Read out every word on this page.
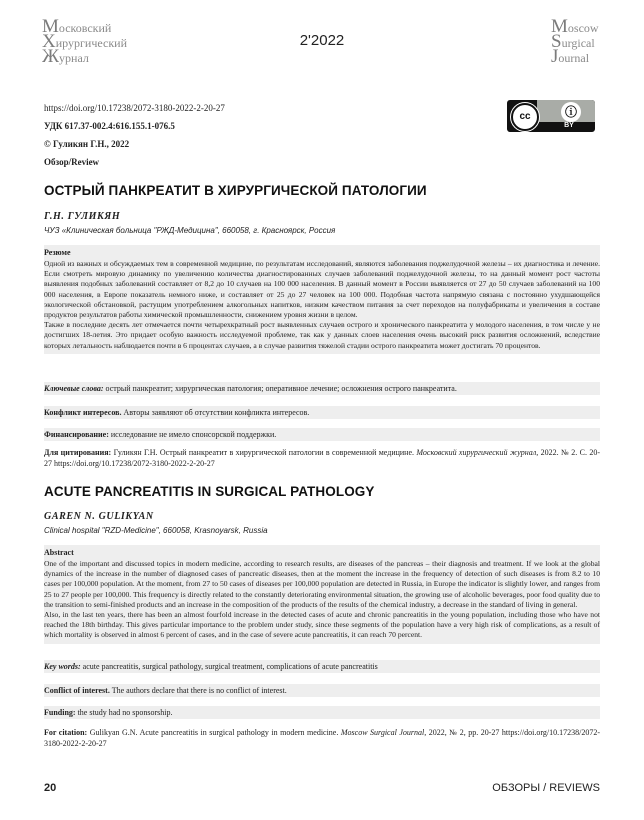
Московский
Хирургический
Журнал
2'2022
Moscow
Surgical
Journal
https://doi.org/10.17238/2072-3180-2022-2-20-27
УДК 617.37-002.4:616.155.1-076.5
© Гуликян Г.Н., 2022
Обзор/Review
cc	ⓘ
BY
ОСТРЫЙ ПАНКРЕАТИТ В ХИРУРГИЧЕСКОЙ ПАТОЛОГИИ
Г.Н. ГУЛИКЯН
ЧУЗ «Клиническая больница "РЖД-Медицина", 660058, г. Красноярск, Россия
Резюме
Одной из важных и обсуждаемых тем в современной медицине, по результатам исследований, являются заболевания поджелудочной железы – их диагностика и лечение. Если смотреть мировую динамику по увеличению количества диагностированных случаев заболеваний поджелудочной железы, то на данный момент рост частоты выявления подобных заболеваний составляет от 8,2 до 10 случаев на 100 000 населения. В данный момент в России выявляется от 27 до 50 случаев заболеваний на 100 000 населения, в Европе показатель немного ниже, и составляет от 25 до 27 человек на 100 000. Подобная частота напрямую связана с постоянно ухудшающейся экологической обстановкой, растущим употреблением алкогольных напитков, низким качеством питания за счет переходов на полуфабрикаты и увеличения в составе продуктов результатов работы химической промышленности, снижением уровня жизни в целом.
Также в последние десять лет отмечается почти четырехкратный рост выявленных случаев острого и хронического панкреатита у молодого населения, в том числе у не достигших 18-летия. Это придает особую важность исследуемой проблеме, так как у данных слоев населения очень высокий риск развития осложнений, вследствие которых летальность наблюдается почти в 6 процентах случаев, а в случае развития тяжелой стадии острого панкреатита может достигать 70 процентов.
Ключевые слова: острый панкреатит; хирургическая патология; оперативное лечение; осложнения острого панкреатита.
Конфликт интересов. Авторы заявляют об отсутствии конфликта интересов.
Финансирование: исследование не имело спонсорской поддержки.
Для цитирования: Гуликян Г.Н. Острый панкреатит в хирургической патологии в современной медицине. Московский хирургический журнал, 2022. № 2. С. 20-27 https://doi.org/10.17238/2072-3180-2022-2-20-27
ACUTE PANCREATITIS IN SURGICAL PATHOLOGY
GAREN N. GULIKYAN
Clinical hospital "RZD-Medicine", 660058, Krasnoyarsk, Russia
Abstract
One of the important and discussed topics in modern medicine, according to research results, are diseases of the pancreas – their diagnosis and treatment. If we look at the global dynamics of the increase in the number of diagnosed cases of pancreatic diseases, then at the moment the increase in the frequency of detection of such diseases is from 8.2 to 10 cases per 100,000 population. At the moment, from 27 to 50 cases of diseases per 100,000 population are detected in Russia, in Europe the indicator is slightly lower, and ranges from 25 to 27 people per 100,000. This frequency is directly related to the constantly deteriorating environmental situation, the growing use of alcoholic beverages, poor food quality due to the transition to semi-finished products and an increase in the composition of the products of the results of the chemical industry, a decrease in the standard of living in general.
Also, in the last ten years, there has been an almost fourfold increase in the detected cases of acute and chronic pancreatitis in the young population, including those who have not reached the 18th birthday. This gives particular importance to the problem under study, since these segments of the population have a very high risk of complications, as a result of which mortality is observed in almost 6 percent of cases, and in the case of severe acute pancreatitis, it can reach 70 percent.
Key words: acute pancreatitis, surgical pathology, surgical treatment, complications of acute pancreatitis
Conflict of interest. The authors declare that there is no conflict of interest.
Funding: the study had no sponsorship.
For citation: Gulikyan G.N. Acute pancreatitis in surgical pathology in modern medicine. Moscow Surgical Journal, 2022, № 2, pp. 20-27 https://doi.org/10.17238/2072-3180-2022-2-20-27
20	ОБЗОРЫ / REVIEWS
